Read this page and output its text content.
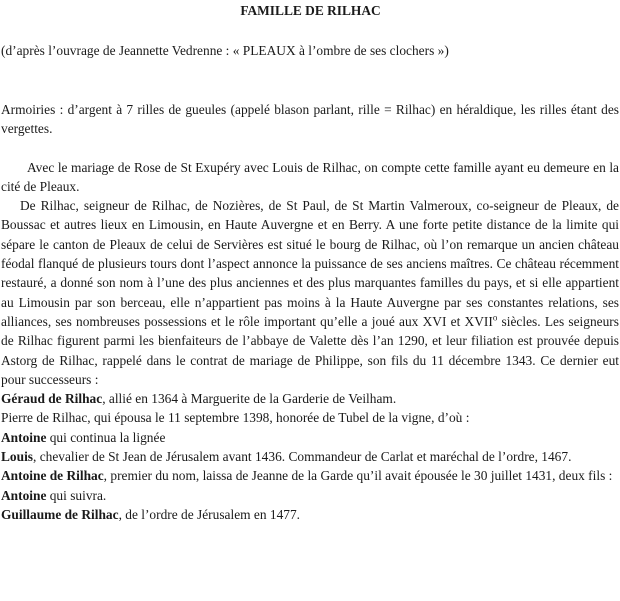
FAMILLE DE RILHAC
(d’après l’ouvrage de Jeannette Vedrenne : « PLEAUX à l’ombre de ses clochers »)
Armoiries : d’argent à 7 rilles de gueules (appelé blason parlant, rille = Rilhac) en héraldique, les rilles étant des vergettes.
Avec le mariage de Rose de St Exupéry avec Louis de Rilhac, on compte cette famille ayant eu demeure en la cité de Pleaux.
De Rilhac, seigneur de Rilhac, de Nozières, de St Paul, de St Martin Valmeroux, co-seigneur de Pleaux, de Boussac et autres lieux en Limousin, en Haute Auvergne et en Berry. A une forte petite distance de la limite qui sépare le canton de Pleaux de celui de Servières est situé le bourg de Rilhac, où l’on remarque un ancien château féodal flanqué de plusieurs tours dont l’aspect annonce la puissance de ses anciens maîtres. Ce château récemment restauré, a donné son nom à l’une des plus anciennes et des plus marquantes familles du pays, et si elle appartient au Limousin par son berceau, elle n’appartient pas moins à la Haute Auvergne par ses constantes relations, ses alliances, ses nombreuses possessions et le rôle important qu’elle a joué aux XVI et XVII$^o$ siècles. Les seigneurs de Rilhac figurent parmi les bienfaiteurs de l’abbaye de Valette dès l’an 1290, et leur filiation est prouvée depuis Astorg de Rilhac, rappelé dans le contrat de mariage de Philippe, son fils du 11 décembre 1343. Ce dernier eut pour successeurs :
Géraud de Rilhac, allié en 1364 à Marguerite de la Garderie de Veilham.
Pierre de Rilhac, qui épousa le 11 septembre 1398, honorée de Tubel de la vigne, d’où :
Antoine qui continua la lignée
Louis, chevalier de St Jean de Jérusalem avant 1436. Commandeur de Carlat et maréchal de l’ordre, 1467.
Antoine de Rilhac, premier du nom, laissa de Jeanne de la Garde qu’il avait épousée le 30 juillet 1431, deux fils :
Antoine qui suivra.
Guillaume de Rilhac, de l’ordre de Jérusalem en 1477.
